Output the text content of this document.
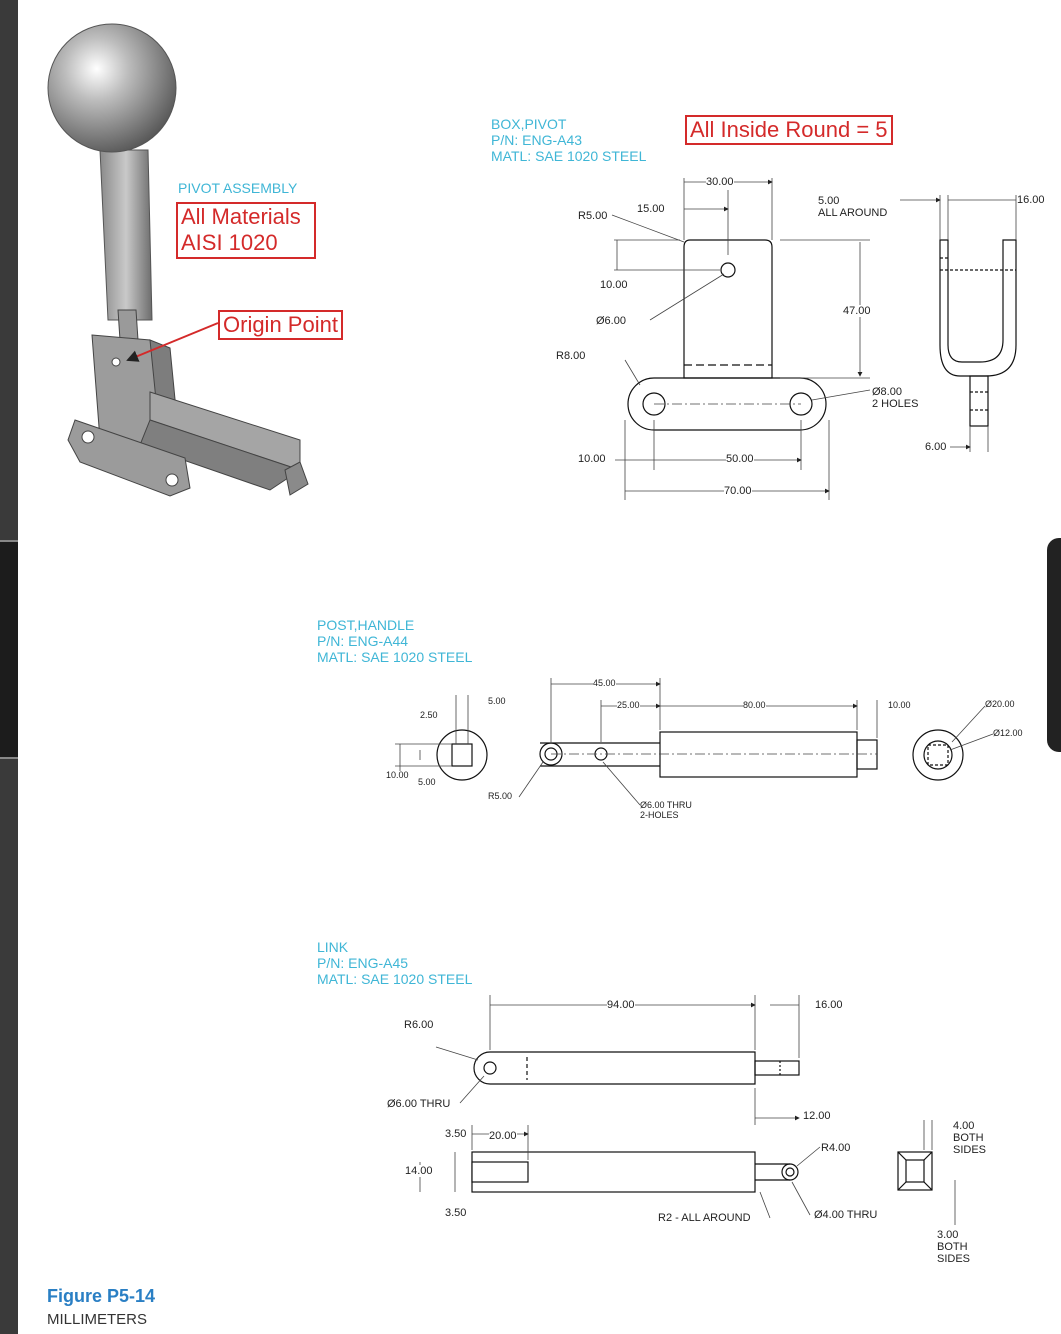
PIVOT ASSEMBLY
All Materials
AISI 1020
Origin Point
BOX,PIVOT
P/N: ENG-A43
MATL: SAE 1020 STEEL
All Inside Round = 5
30.00
15.00
R5.00
10.00
Ø6.00
R8.00
10.00	50.00
70.00
5.00
ALL AROUND
47.00
Ø8.00
2 HOLES
16.00
6.00
POST,HANDLE
P/N: ENG-A44
MATL: SAE 1020 STEEL
5.00
2.50
10.00
5.00
R5.00
45.00
25.00	80.00	10.00
Ø6.00 THRU
2-HOLES
Ø20.00
Ø12.00
LINK
P/N: ENG-A45
MATL: SAE 1020 STEEL
94.00	16.00
R6.00
Ø6.00 THRU
12.00
3.50 20.00
R4.00
14.00
3.50	R2 - ALL AROUND	Ø4.00 THRU
4.00
BOTH
SIDES
3.00
BOTH
SIDES
Figure P5-14
MILLIMETERS
